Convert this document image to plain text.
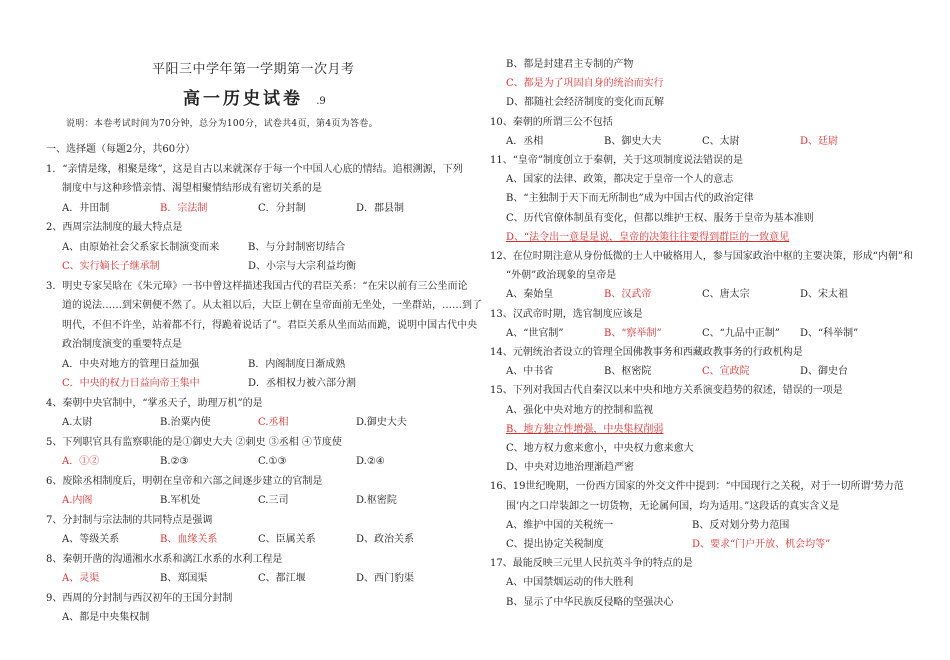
平阳三中学年第一学期第一次月考
高一历史试卷 .9
说明：本卷考试时间为70分钟，总分为100分，试卷共4页，第4页为答卷。
一、选择题（每题2分，共60分）
1．“亲情是缘，相聚是缘”，这是自古以来就深存于每一个中国人心底的情结。追根溯源，下列
制度中与这种珍惜亲情、渴望相聚情结形成有密切关系的是
A．井田制	B．宗法制	C．分封制	D．郡县制
2、西周宗法制度的最大特点是
A、由原始社会父系家长制演变而来	B、与分封制密切结合
C、实行嫡长子继承制	D、小宗与大宗利益均衡
3．明史专家吴晗在《朱元璋》一书中曾这样描述我国古代的君臣关系：“在宋以前有三公坐而论
道的说法……到宋朝便不然了。从太祖以后，大臣上朝在皇帝面前无坐处，一坐群站，……到了
明代，不但不许坐，站着都不行，得跪着说话了”。君臣关系从坐而站而跪，说明中国古代中央
政治制度演变的重要特点是
A．中央对地方的管理日益加强	B．内阁制度日渐成熟
C．中央的权力日益向帝王集中	D．丞相权力被六部分割
4、秦朝中央官制中，“掌丞天子，助理万机”的是
A.太尉	B.治粟内使	C.丞相	D.御史大夫
5、下列职官具有监察职能的是①御史大夫 ②刺史 ③丞相 ④节度使
A．①②	B.②③	C.①③	D.②④
6、废除丞相制度后，明朝在皇帝和六部之间逐步建立的官制是
A.内阁	B.军机处	C.三司	D.枢密院
7、分封制与宗法制的共同特点是强调
A、等级关系	B、血缘关系	C、臣属关系	D、政治关系
8、秦朝开凿的沟通湘水水系和漓江水系的水利工程是
A、灵渠	B、郑国渠	C、都江堰	D、西门豹渠
9、西周的分封制与西汉初年的王国分封制
A、都是中央集权制
B、都是封建君主专制的产物
C、都是为了巩固自身的统治而实行
D、都随社会经济制度的变化而瓦解
10、秦朝的所谓三公不包括
A．丞相	B、御史大夫	C、太尉	D、廷尉
11、“皇帝”制度创立于秦朝，关于这项制度说法错误的是
A、国家的法律、政策，都决定于皇帝一个人的意志
B、“主独制于天下而无所制也”成为中国古代的政治定律
C、历代官僚体制虽有变化，但都以维护王权、服务于皇帝为基本准则
D、“法令出一意是是说，皇帝的决策往往要得到群臣的一致意见
12、在位时期注意从身份低微的士人中破格用人，参与国家政治中枢的主要决策，形成“内朝”和
“外朝”政治现象的皇帝是
A、秦始皇	B、汉武帝	C、唐太宗	D、宋太祖
13、汉武帝时期，选官制度应该是
A、“世官制”	B、“察举制”	C、“九品中正制” D、“科举制”
14、元朝统治者设立的管理全国佛教事务和西藏政教事务的行政机构是
A、中书省	B、枢密院	C、宣政院	D、御史台
15、下列对我国古代自秦汉以来中央和地方关系演变趋势的叙述，错误的一项是
A、强化中央对地方的控制和监视
B、地方独立性增强，中央集权削弱
C、地方权力愈来愈小，中央权力愈来愈大
D、中央对边地治理渐趋严密
16、19世纪晚期，一份西方国家的外交文件中提到：“中国现行之关税，对于一切所谓‘势力范
围’内之口岸装卸之一切货物，无论属何国，均为适用。”这段话的真实含义是
A、维护中国的关税统一	B、反对划分势力范围
C、提出协定关税制度	D、要求“门户开放、机会均等”
17、最能反映三元里人民抗英斗争的特点的是
A、中国禁烟运动的伟大胜利
B、显示了中华民族反侵略的坚强决心
